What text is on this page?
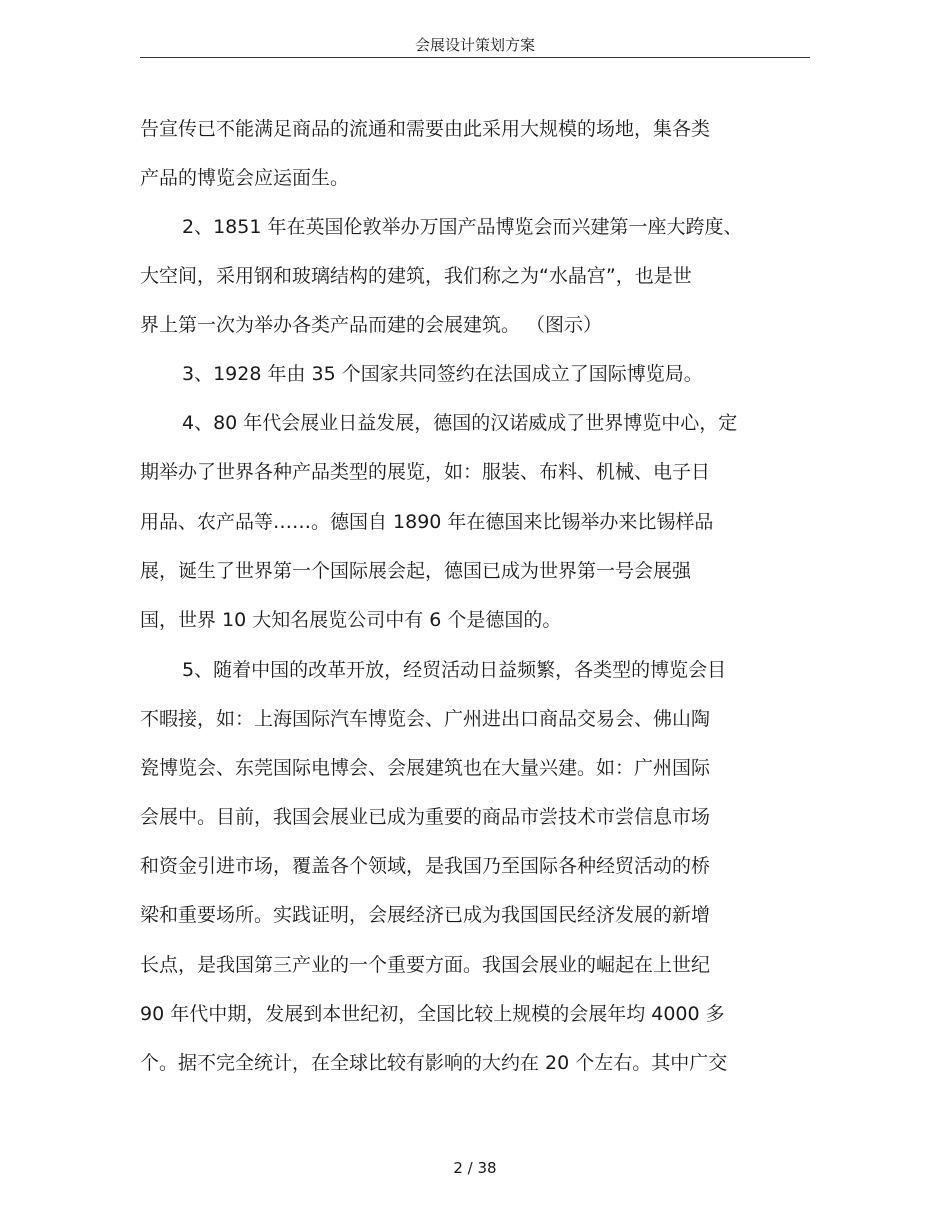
会展设计策划方案
告宣传已不能满足商品的流通和需要由此采用大规模的场地，集各类
产品的博览会应运面生。
2、1851 年在英国伦敦举办万国产品博览会而兴建第一座大跨度、
大空间，采用钢和玻璃结构的建筑，我们称之为“水晶宫”，也是世
界上第一次为举办各类产品而建的会展建筑。 （图示）
3、1928 年由 35 个国家共同签约在法国成立了国际博览局。
4、80 年代会展业日益发展，德国的汉诺威成了世界博览中心，定
期举办了世界各种产品类型的展览，如：服装、布料、机械、电子日
用品、农产品等……。德国自 1890 年在德国来比锡举办来比锡样品
展，诞生了世界第一个国际展会起，德国已成为世界第一号会展强
国，世界 10 大知名展览公司中有 6 个是德国的。
5、随着中国的改革开放，经贸活动日益频繁，各类型的博览会目
不暇接，如：上海国际汽车博览会、广州进出口商品交易会、佛山陶
瓷博览会、东莞国际电博会、会展建筑也在大量兴建。如：广州国际
会展中。目前，我国会展业已成为重要的商品市尝技术市尝信息市场
和资金引进市场，覆盖各个领域，是我国乃至国际各种经贸活动的桥
梁和重要场所。实践证明，会展经济已成为我国国民经济发展的新增
长点，是我国第三产业的一个重要方面。我国会展业的崛起在上世纪
90 年代中期，发展到本世纪初，全国比较上规模的会展年均 4000 多
个。据不完全统计，在全球比较有影响的大约在 20 个左右。其中广交
2 / 38
